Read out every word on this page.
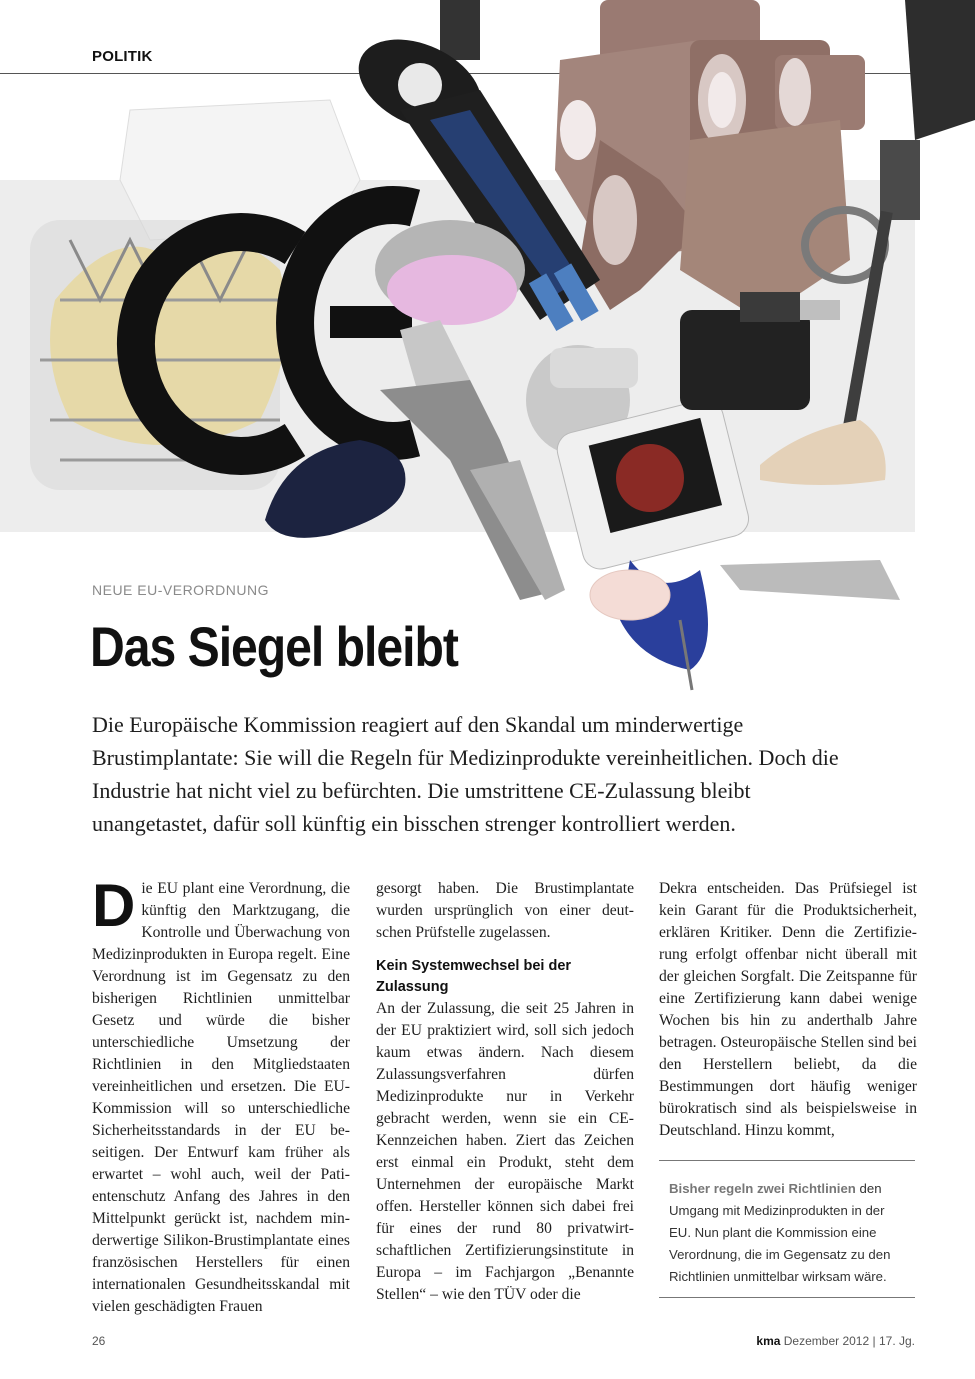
POLITIK
NEUE EU-VERORDNUNG
Das Siegel bleibt

Die Europäische Kommission reagiert auf den Skandal um minderwertige Brustimplantate: Sie will die Regeln für Medizinprodukte vereinheitlichen. Doch die Industrie hat nicht viel zu befürchten. Die umstrittene CE-Zulassung bleibt unangetastet, dafür soll künftig ein bisschen strenger kontrolliert werden.

D ie EU plant eine Verordnung, die künftig den Marktzugang, die Kontrolle und Überwachung von Medizinprodukten in Europa regelt. Eine Verordnung ist im Gegensatz zu den bisherigen Richtlinien unmittelbar Gesetz und würde die bisher unterschiedliche Umsetzung der Richtlinien in den Mitgliedstaaten vereinheitlichen und ersetzen. Die EU-Kommission will so unterschiedliche Sicherheitsstandards in der EU beseitigen. Der Entwurf kam früher als erwartet – wohl auch, weil der Patientenschutz Anfang des Jahres in den Mittelpunkt gerückt ist, nachdem minderwertige Silikon-Brustimplantate eines französischen Herstellers für einen internationalen Gesundheitsskandal mit vielen geschädigten Frauen
gesorgt haben. Die Brustimplantate wurden ursprünglich von einer deutschen Prüfstelle zugelassen.
Kein Systemwechsel bei der Zulassung
An der Zulassung, die seit 25 Jahren in der EU praktiziert wird, soll sich jedoch kaum etwas ändern. Nach diesem Zulassungsverfahren dürfen Medizinprodukte nur in Verkehr gebracht werden, wenn sie ein CE-Kennzeichen haben. Ziert das Zeichen erst einmal ein Produkt, steht dem Unternehmen der europäische Markt offen. Hersteller können sich dabei frei für eines der rund 80 privatwirtschaftlichen Zertifizierungsinstitute in Europa – im Fachjargon „Benannte Stellen“ – wie den TÜV oder die
Dekra entscheiden. Das Prüfsiegel ist kein Garant für die Produktsicherheit, erklären Kritiker. Denn die Zertifizierung erfolgt offenbar nicht überall mit der gleichen Sorgfalt. Die Zeitspanne für eine Zertifizierung kann dabei wenige Wochen bis hin zu anderthalb Jahre betragen. Osteuropäische Stellen sind bei den Herstellern beliebt, da die Bestimmungen dort häufig weniger bürokratisch sind als beispielsweise in Deutschland. Hinzu kommt,
Bisher regeln zwei Richtlinien den Umgang mit Medizinprodukten in der EU. Nun plant die Kommission eine Verordnung, die im Gegensatz zu den Richtlinien unmittelbar wirksam wäre.
26	kma Dezember 2012 | 17. Jg.
